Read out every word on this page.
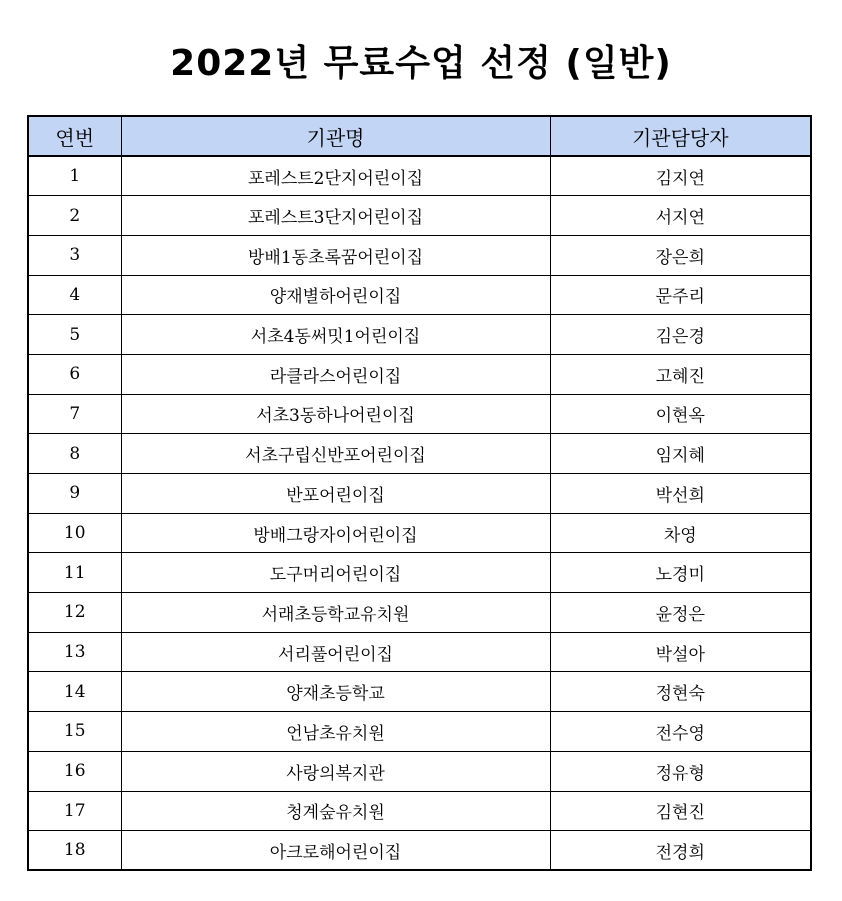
2022년 무료수업 선정 (일반)
연번	기관명	기관담당자
1	포레스트2단지어린이집	김지연
2	포레스트3단지어린이집	서지연
3	방배1동초록꿈어린이집	장은희
4	양재별하어린이집	문주리
5	서초4동써밋1어린이집	김은경
6	라클라스어린이집	고혜진
7	서초3동하나어린이집	이현옥
8	서초구립신반포어린이집	임지혜
9	반포어린이집	박선희
10	방배그랑자이어린이집	차영
11	도구머리어린이집	노경미
12	서래초등학교유치원	윤정은
13	서리풀어린이집	박설아
14	양재초등학교	정현숙
15	언남초유치원	전수영
16	사랑의복지관	정유형
17	청계숲유치원	김현진
18	아크로해어린이집	전경희
